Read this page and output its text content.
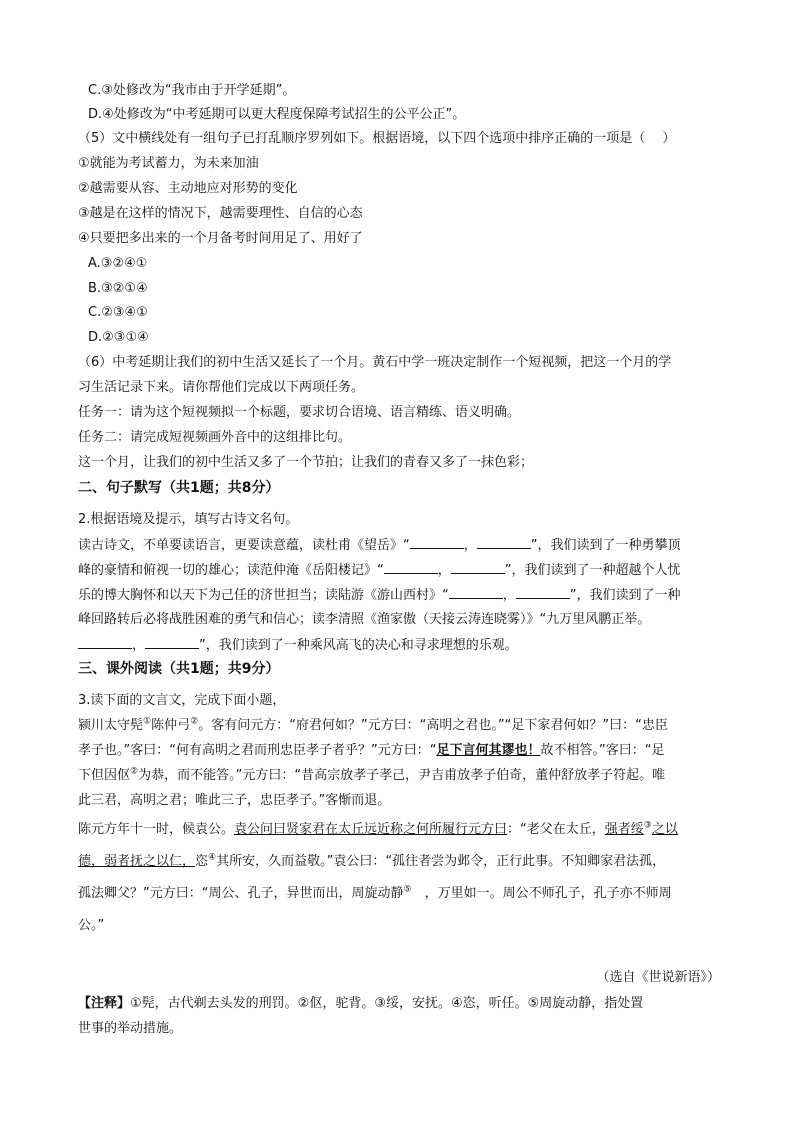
C.③处修改为“我市由于开学延期”。
D.④处修改为“中考延期可以更大程度保障考试招生的公平公正”。
（5）文中横线处有一组句子已打乱顺序罗列如下。根据语境，以下四个选项中排序正确的一项是（　 ）
①就能为考试蓄力，为未来加油
②越需要从容、主动地应对形势的变化
③越是在这样的情况下，越需要理性、自信的心态
④只要把多出来的一个月备考时间用足了、用好了
A.③②④①
B.③②①④
C.②③④①
D.②③①④
（6）中考延期让我们的初中生活又延长了一个月。黄石中学一班决定制作一个短视频，把这一个月的学
习生活记录下来。请你帮他们完成以下两项任务。
任务一：请为这个短视频拟一个标题，要求切合语境、语言精练、语义明确。
任务二：请完成短视频画外音中的这组排比句。
这一个月，让我们的初中生活又多了一个节拍；让我们的青春又多了一抹色彩；
二、句子默写（共1题；共8分）
2.根据语境及提示，填写古诗文名句。
读古诗文，不单要读语言，更要读意蕴，读杜甫《望岳》“	，	”，我们读到了一种勇攀顶
峰的豪情和俯视一切的雄心；读范仲淹《岳阳楼记》“	，	”，我们读到了一种超越个人忧
乐的博大胸怀和以天下为己任的济世担当；读陆游《游山西村》“	，	”，我们读到了一种
峰回路转后必将战胜困难的勇气和信心；读李清照《渔家傲（天接云涛连晓雾）》“九万里风鹏正举。
，	”，我们读到了一种乘风高飞的决心和寻求理想的乐观。
三、课外阅读（共1题；共9分）
3.读下面的文言文，完成下面小题，
颍川太守髡①陈仲弓②。客有问元方：“府君何如？”元方曰：“高明之君也。”“足下家君何如？”曰：“忠臣
孝子也。”客曰：“何有高明之君而刑忠臣孝子者乎？”元方曰：“足下言何其谬也！故不相答。”客曰：“足
下但因伛②为恭，而不能答。”元方曰：“昔高宗放孝子孝己，尹吉甫放孝子伯奇，董仲舒放孝子符起。唯
此三君，高明之君；唯此三子，忠臣孝子。”客惭而退。
陈元方年十一时，候袁公。袁公问曰贤家君在太丘远近称之何所履行元方曰：“老父在太丘，强者绥③之以
德，弱者抚之以仁，恣④其所安，久而益敬。”袁公曰：“孤往者尝为邺令，正行此事。不知卿家君法孤，
孤法卿父？”元方曰：“周公、孔子，异世而出，周旋动静⑤　，万里如一。周公不师孔子，孔子亦不师周
公。”
（选自《世说新语》）
【注释】①髡，古代剃去头发的刑罚。②伛，驼背。③绥，安抚。④恣，听任。⑤周旋动静，指处置
世事的举动措施。
